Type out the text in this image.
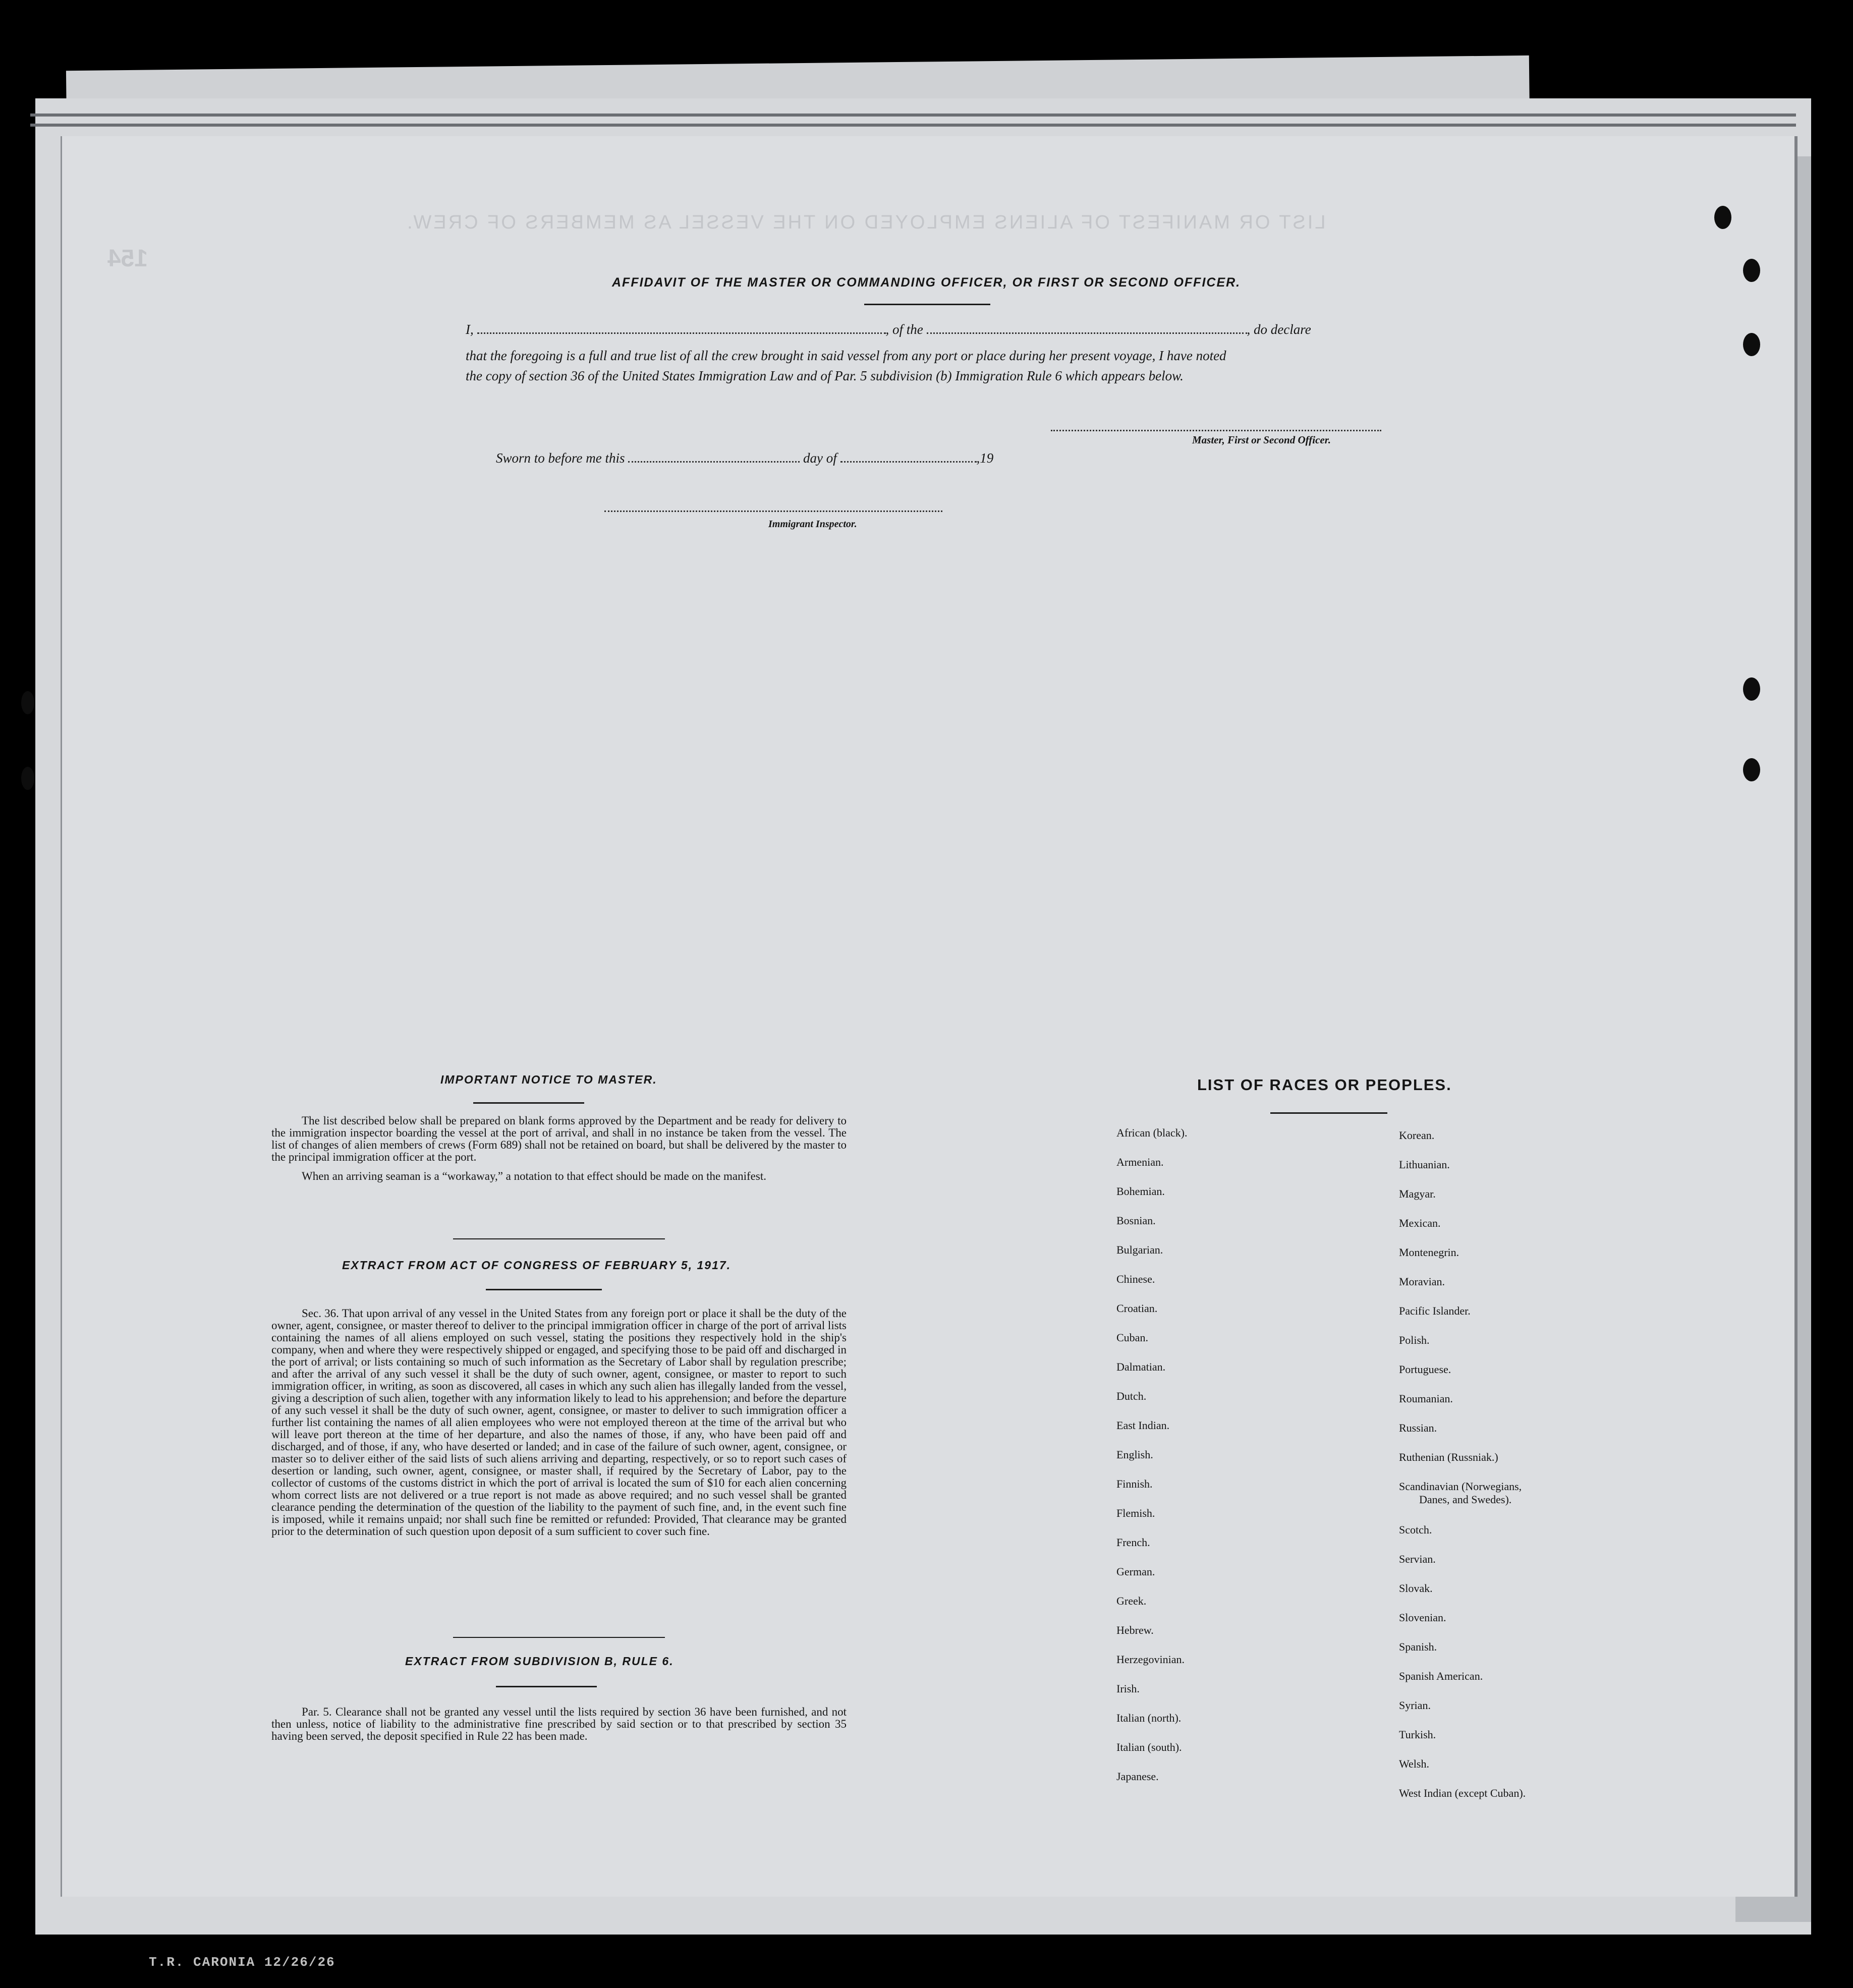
LIST OR MANIFEST OF ALIENS EMPLOYED ON THE VESSEL AS MEMBERS OF CREW.
154
AFFIDAVIT OF THE MASTER OR COMMANDING OFFICER, OR FIRST OR SECOND OFFICER.
I,	, of the	, do declare
that the foregoing is a full and true list of all the crew brought in said vessel from any port or place during her present voyage, I have noted
the copy of section 36 of the United States Immigration Law and of Par. 5 subdivision (b) Immigration Rule 6 which appears below.
Master, First or Second Officer.
Sworn to before me this	day of	,19
Immigrant Inspector.
IMPORTANT NOTICE TO MASTER.

The list described below shall be prepared on blank forms approved by the Department and be ready for delivery to the immigration inspector boarding the vessel at the port of arrival, and shall in no instance be taken from the vessel. The list of changes of alien members of crews (Form 689) shall not be retained on board, but shall be delivered by the master to the principal immigration officer at the port.

When an arriving seaman is a “workaway,” a notation to that effect should be made on the manifest.

EXTRACT FROM ACT OF CONGRESS OF FEBRUARY 5, 1917.

Sec. 36. That upon arrival of any vessel in the United States from any foreign port or place it shall be the duty of the owner, agent, consignee, or master thereof to deliver to the principal immigration officer in charge of the port of arrival lists containing the names of all aliens employed on such vessel, stating the positions they respectively hold in the ship's company, when and where they were respectively shipped or engaged, and specifying those to be paid off and discharged in the port of arrival; or lists containing so much of such information as the Secretary of Labor shall by regulation prescribe; and after the arrival of any such vessel it shall be the duty of such owner, agent, consignee, or master to report to such immigration officer, in writing, as soon as discovered, all cases in which any such alien has illegally landed from the vessel, giving a description of such alien, together with any information likely to lead to his apprehension; and before the departure of any such vessel it shall be the duty of such owner, agent, consignee, or master to deliver to such immigration officer a further list containing the names of all alien employees who were not employed thereon at the time of the arrival but who will leave port thereon at the time of her departure, and also the names of those, if any, who have been paid off and discharged, and of those, if any, who have deserted or landed; and in case of the failure of such owner, agent, consignee, or master so to deliver either of the said lists of such aliens arriving and departing, respectively, or so to report such cases of desertion or landing, such owner, agent, consignee, or master shall, if required by the Secretary of Labor, pay to the collector of customs of the customs district in which the port of arrival is located the sum of $10 for each alien concerning whom correct lists are not delivered or a true report is not made as above required; and no such vessel shall be granted clearance pending the determination of the question of the liability to the payment of such fine, and, in the event such fine is imposed, while it remains unpaid; nor shall such fine be remitted or refunded: Provided, That clearance may be granted prior to the determination of such question upon deposit of a sum sufficient to cover such fine.

EXTRACT FROM SUBDIVISION B, RULE 6.

Par. 5. Clearance shall not be granted any vessel until the lists required by section 36 have been furnished, and not then unless, notice of liability to the administrative fine prescribed by said section or to that prescribed by section 35 having been served, the deposit specified in Rule 22 has been made.

LIST OF RACES OR PEOPLES.
African (black).
Armenian.
Bohemian.
Bosnian.
Bulgarian.
Chinese.
Croatian.
Cuban.
Dalmatian.
Dutch.
East Indian.
English.
Finnish.
Flemish.
French.
German.
Greek.
Hebrew.
Herzegovinian.
Irish.
Italian (north).
Italian (south).
Japanese.
Korean.
Lithuanian.
Magyar.
Mexican.
Montenegrin.
Moravian.
Pacific Islander.
Polish.
Portuguese.
Roumanian.
Russian.
Ruthenian (Russniak.)
Scandinavian (Norwegians,
Danes, and Swedes).
Scotch.
Servian.
Slovak.
Slovenian.
Spanish.
Spanish American.
Syrian.
Turkish.
Welsh.
West Indian (except Cuban).
T.R. CARONIA 12/26/26
